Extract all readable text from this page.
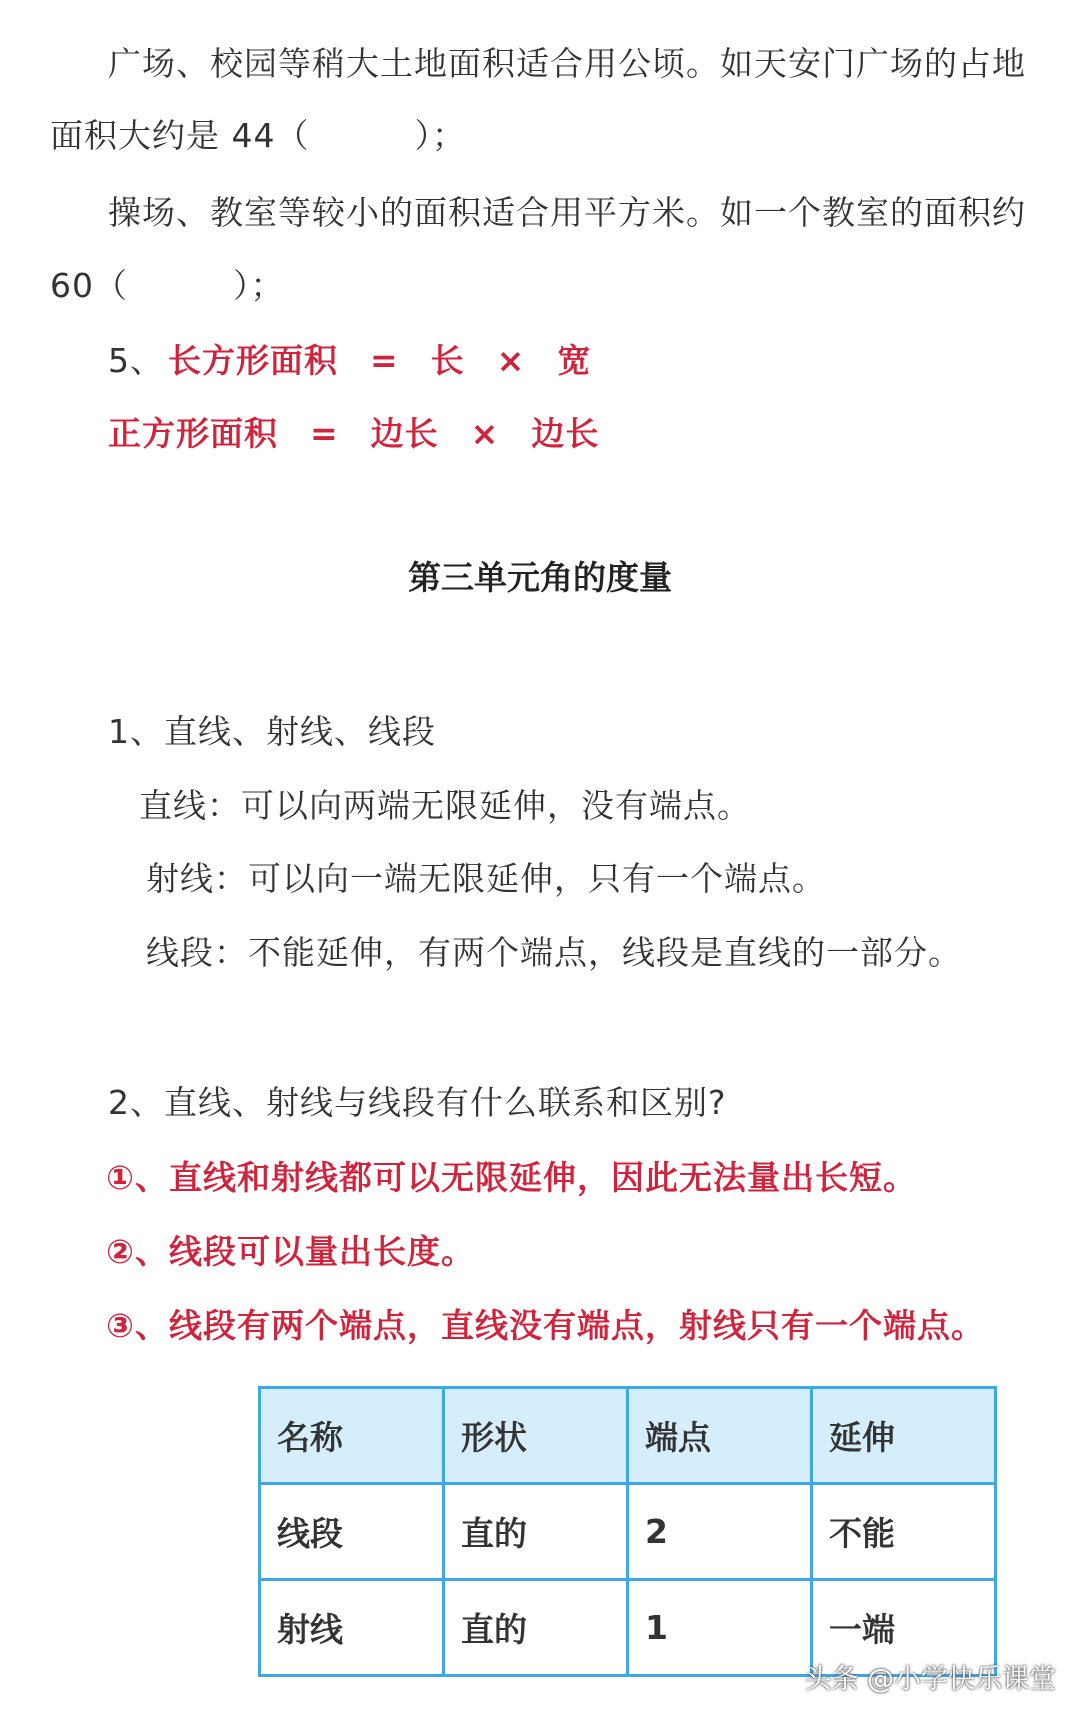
广场、校园等稍大土地面积适合用公顷。如天安门广场的占地
面积大约是 44（	）；
操场、教室等较小的面积适合用平方米。如一个教室的面积约
60（	）；
5、 长方形面积 = 长 × 宽
正方形面积 = 边长 × 边长
第三单元角的度量
1、直线、射线、线段
直线：可以向两端无限延伸，没有端点。
射线：可以向一端无限延伸，只有一个端点。
线段：不能延伸，有两个端点，线段是直线的一部分。
2、直线、射线与线段有什么联系和区别?
①、直线和射线都可以无限延伸，因此无法量出长短。
②、线段可以量出长度。
③、线段有两个端点，直线没有端点，射线只有一个端点。
名称	形状	端点	延伸
线段	直的	2	不能
射线	直的	1	一端
头条 @小学快乐课堂
